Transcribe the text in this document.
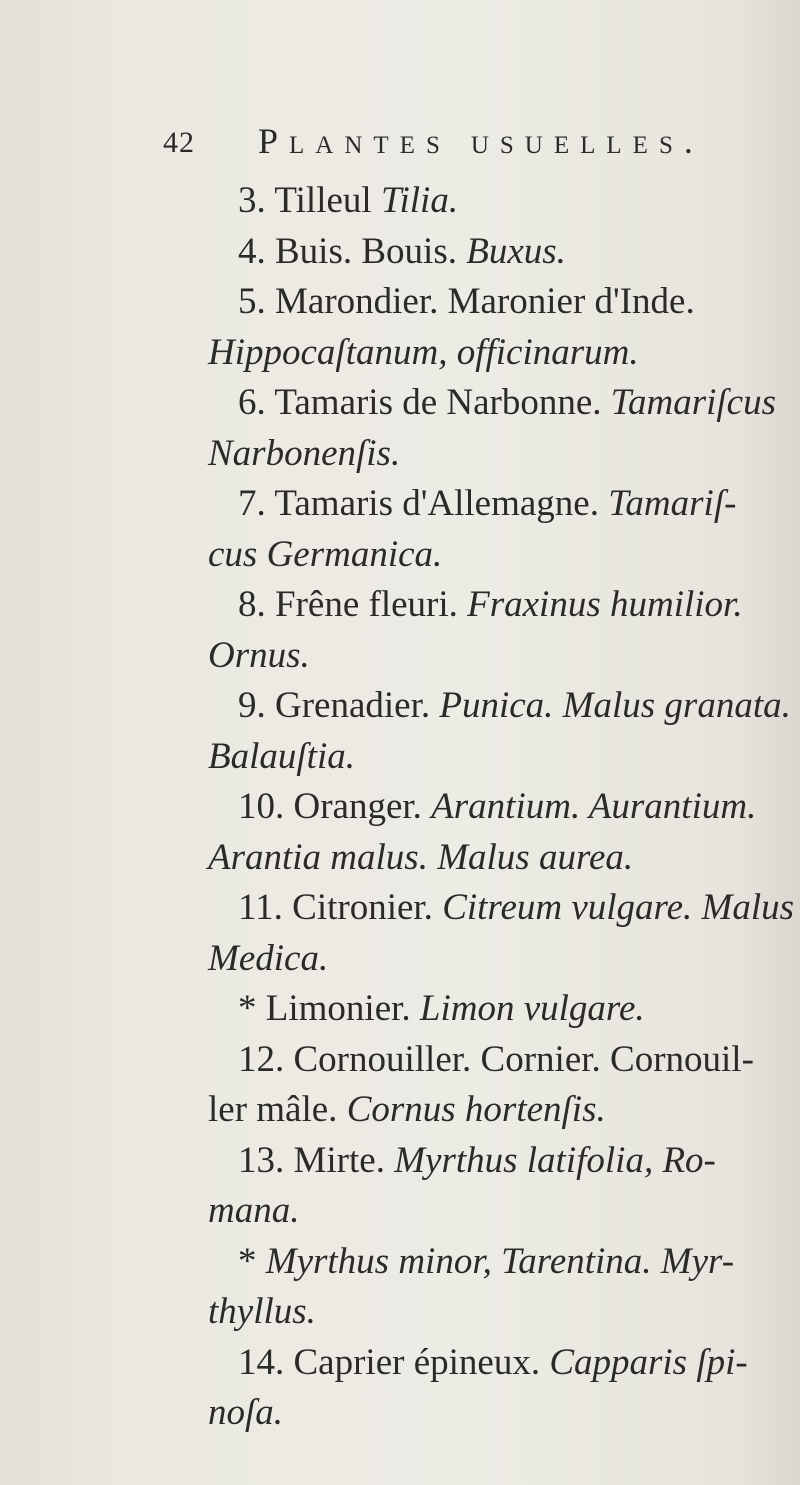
42 Plantes usuelles.
3. Tilleul Tilia.
4. Buis. Bouis. Buxus.
5. Marondier. Maronier d'Inde.
Hippocaſtanum, officinarum.
6. Tamaris de Narbonne. Tamariſcus
Narbonenſis.
7. Tamaris d'Allemagne. Tamariſ-
cus Germanica.
8. Frêne fleuri. Fraxinus humilior.
Ornus.
9. Grenadier. Punica. Malus granata.
Balauſtia.
10. Oranger. Arantium. Aurantium.
Arantia malus. Malus aurea.
11. Citronier. Citreum vulgare. Malus
Medica.
* Limonier. Limon vulgare.
12. Cornouiller. Cornier. Cornouil-
ler mâle. Cornus hortenſis.
13. Mirte. Myrthus latifolia, Ro-
mana.
* Myrthus minor, Tarentina. Myr-
thyllus.
14. Caprier épineux. Capparis ſpi-
noſa.
